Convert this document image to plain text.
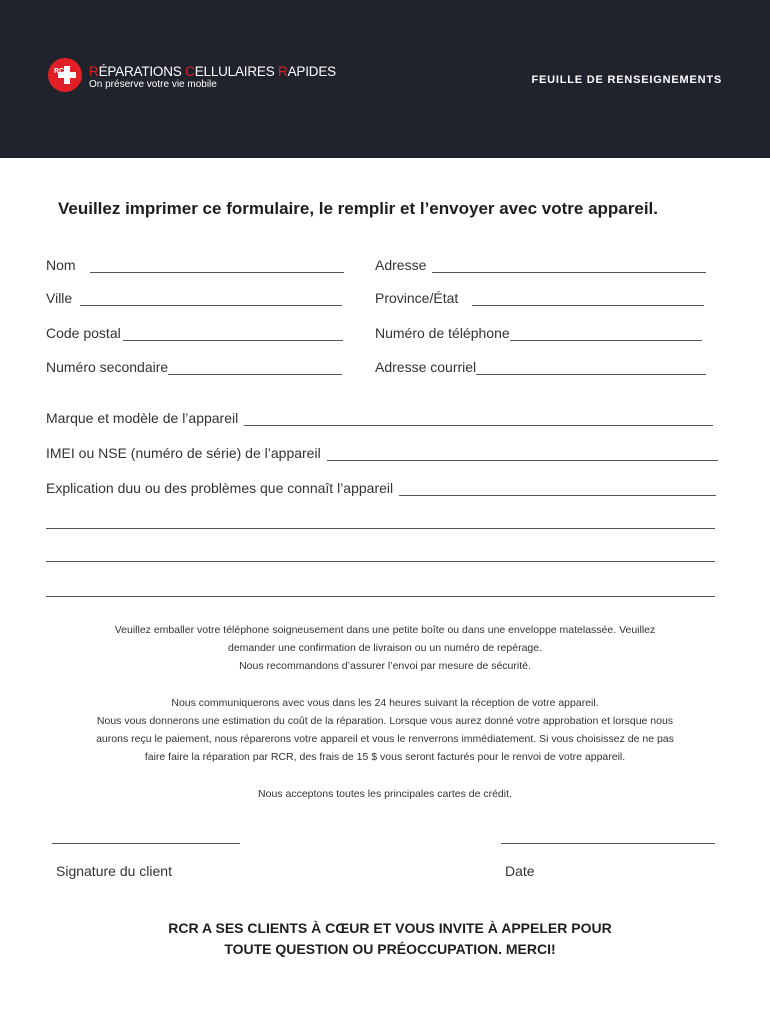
RCR RÉPARATIONS CELLULAIRES RAPIDES
On préserve votre vie mobile	FEUILLE DE RENSEIGNEMENTS
Veuillez imprimer ce formulaire, le remplir et l’envoyer avec votre appareil.
Nom	Adresse
Ville	Province/État
Code postal	Numéro de téléphone
Numéro secondaire	Adresse courriel
Marque et modèle de l’appareil
IMEI ou NSE (numéro de série) de l’appareil
Explication duu ou des problèmes que connaît l’appareil
Veuillez emballer votre téléphone soigneusement dans une petite boîte ou dans une enveloppe matelassée. Veuillez
demander une confirmation de livraison ou un numéro de repérage.
Nous recommandons d’assurer l’envoi par mesure de sécurité.
Nous communiquerons avec vous dans les 24 heures suivant la réception de votre appareil.
Nous vous donnerons une estimation du coût de la réparation. Lorsque vous aurez donné votre approbation et lorsque nous
aurons reçu le paiement, nous réparerons votre appareil et vous le renverrons immédiatement. Si vous choisissez de ne pas
faire faire la réparation par RCR, des frais de 15 $ vous seront facturés pour le renvoi de votre appareil.
Nous acceptons toutes les principales cartes de crédit.
Signature du client	Date
RCR A SES CLIENTS À CŒUR ET VOUS INVITE À APPELER POUR
TOUTE QUESTION OU PRÉOCCUPATION. MERCI!
